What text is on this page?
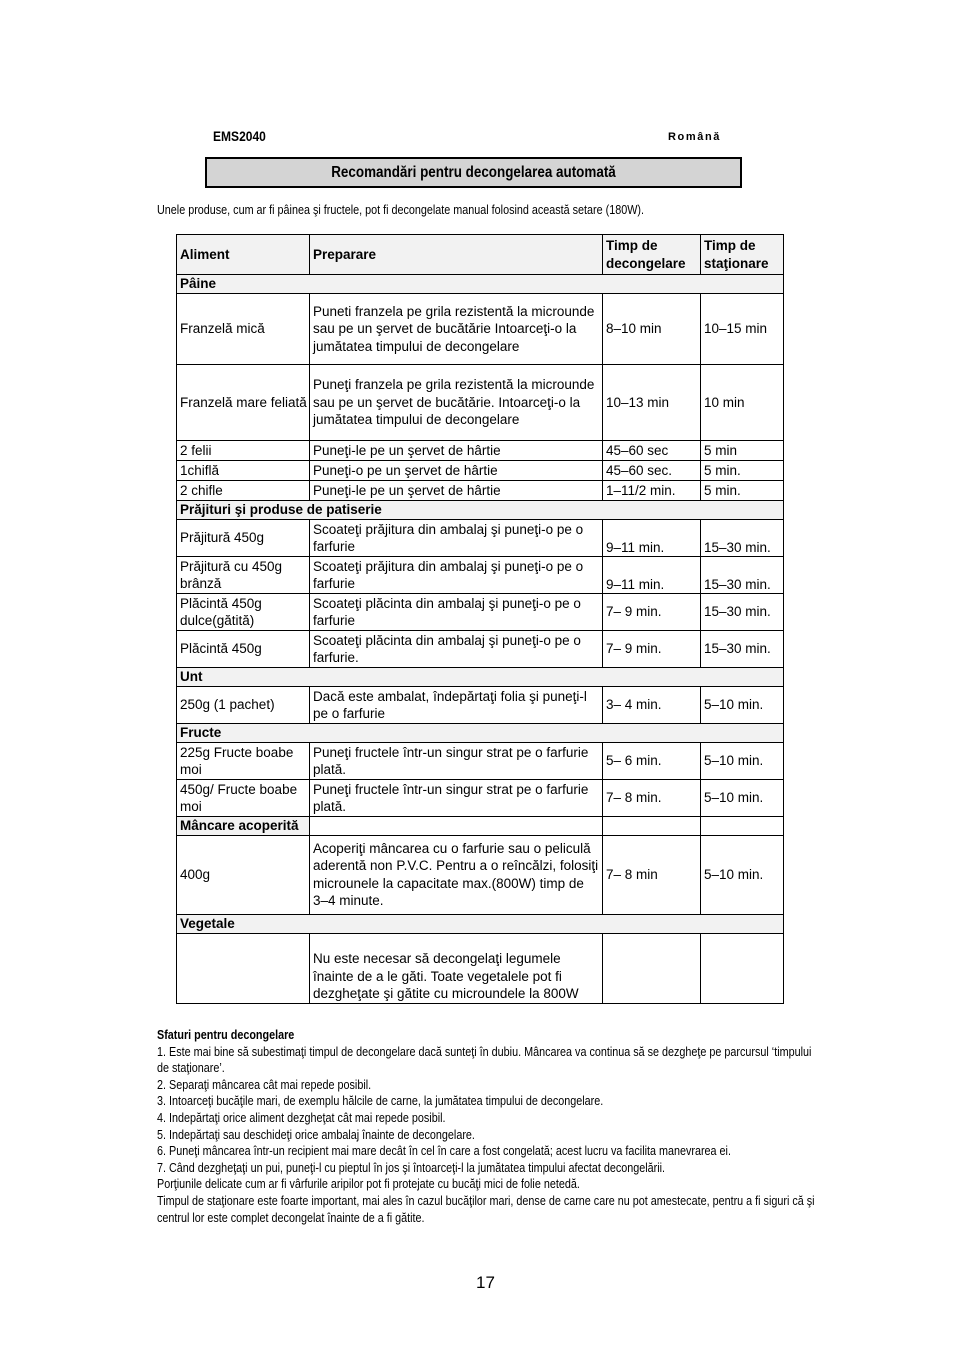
EMS2040	Română
Recomandări pentru decongelarea automată
Unele produse, cum ar fi pâinea şi fructele, pot fi decongelate manual folosind această setare (180W).
Aliment	Preparare	Timp de decongelare	Timp de staţionare
Pâine			
Franzelă mică	Puneti franzela pe grila rezistentă la microunde sau pe un şervet de bucătărie Intoarceţi-o la jumătatea timpului de decongelare	8–10 min	10–15 min
Franzelă mare feliată	Puneţi franzela pe grila rezistentă la microunde sau pe un şervet de bucătărie. Intoarceţi-o la jumătatea timpului de decongelare	10–13 min	10 min
2 felii	Puneţi-le pe un şervet de hârtie	45–60 sec	5 min
1chiflă	Puneţi-o pe un şervet de hârtie	45–60 sec.	5 min.
2 chifle	Puneţi-le pe un şervet de hârtie	1–11/2 min.	5 min.
Prăjituri şi produse de patiserie			
Prăjitură 450g	Scoateţi prăjitura din ambalaj şi puneţi-o pe o farfurie	9–11 min.	15–30 min.
Prăjitură cu 450g brânză	Scoateţi prăjitura din ambalaj şi puneţi-o pe o farfurie	9–11 min.	15–30 min.
Plăcintă 450g dulce(gătită)	Scoateţi plăcinta din ambalaj şi puneţi-o pe o farfurie	7– 9 min.	15–30 min.
Plăcintă 450g	Scoateţi plăcinta din ambalaj şi puneţi-o pe o farfurie.	7– 9 min.	15–30 min.
Unt			
250g (1 pachet)	Dacă este ambalat, îndepărtaţi folia şi puneţi-l pe o farfurie	3– 4 min.	5–10 min.
Fructe			
225g Fructe boabe moi	Puneţi fructele într-un singur strat pe o farfurie plată.	5– 6 min.	5–10 min.
450g/ Fructe boabe moi	Puneţi fructele într-un singur strat pe o farfurie plată.	7– 8 min.	5–10 min.
Mâncare acoperită			
400g	Acoperiţi mâncarea cu o farfurie sau o peliculă aderentă non P.V.C. Pentru a o reîncălzi, folosiţi microunele la capacitate max.(800W) timp de 3–4 minute.	7– 8 min	5–10 min.
Vegetale			
	Nu este necesar să decongelaţi legumele înainte de a le găti. Toate vegetalele pot fi dezgheţate şi gătite cu microundele la 800W		

Sfaturi pentru decongelare

1. Este mai bine să subestimaţi timpul de decongelare dacă sunteţi în dubiu. Mâncarea va continua să se dezgheţe pe parcursul ‘timpului de staţionare’.

2. Separaţi mâncarea cât mai repede posibil.

3. Intoarceţi bucăţile mari, de exemplu hălcile de carne, la jumătatea timpului de decongelare.

4. Indepărtaţi orice aliment dezgheţat cât mai repede posibil.

5. Indepărtaţi sau deschideţi orice ambalaj înainte de decongelare.

6. Puneţi mâncarea într-un recipient mai mare decât în cel în care a fost congelată; acest lucru va facilita manevrarea ei.

7. Când dezgheţaţi un pui, puneţi-l cu pieptul în jos şi întoarceţi-l la jumătatea timpului afectat decongelării.

Porţiunile delicate cum ar fi vârfurile aripilor pot fi protejate cu bucăţi mici de folie netedă.

Timpul de staţionare este foarte important, mai ales în cazul bucăţilor mari, dense de carne care nu pot amestecate, pentru a fi siguri că şi centrul lor este complet decongelat înainte de a fi gătite.

17
